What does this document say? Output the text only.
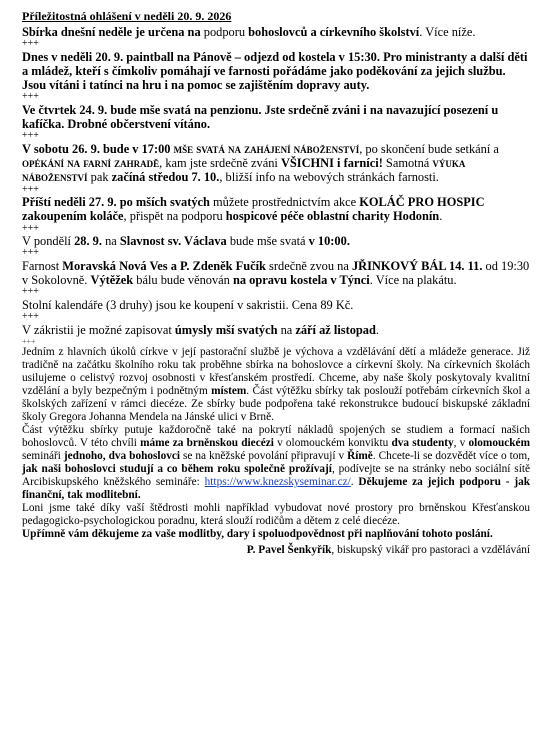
Příležitostná ohlášení v neděli 20. 9. 2026

Sbírka dnešní neděle je určena na podporu bohoslovců a církevního školství. Více níže.

+++

Dnes v neděli 20. 9. paintball na Pánově – odjezd od kostela v 15:30. Pro ministranty a další děti a mládež, kteří s čímkoliv pomáhají ve farnosti pořádáme jako poděkování za jejich službu. Jsou vítáni i tatínci na hru i na pomoc se zajištěním dopravy auty.

+++

Ve čtvrtek 24. 9. bude mše svatá na penzionu. Jste srdečně zváni i na navazující posezení u kafíčka. Drobné občerstvení vítáno.

+++

V sobotu 26. 9. bude v 17:00 mše svatá na zahájení náboženství, po skončení bude setkání a opékání na farní zahradě, kam jste srdečně zváni VŠICHNI i farníci! Samotná výuka náboženství pak začíná středou 7. 10., bližší info na webových stránkách farnosti.

+++

Příští neděli 27. 9. po mších svatých můžete prostřednictvím akce KOLÁČ PRO HOSPIC zakoupením koláče, přispět na podporu hospicové péče oblastní charity Hodonín.

+++

V pondělí 28. 9. na Slavnost sv. Václava bude mše svatá v 10:00.

+++

Farnost Moravská Nová Ves a P. Zdeněk Fučík srdečně zvou na JŘINKOVÝ BÁL 14. 11. od 19:30 v Sokolovně. Výtěžek bálu bude věnován na opravu kostela v Týnci. Více na plakátu.

+++

Stolní kalendáře (3 druhy) jsou ke koupení v sakristii. Cena 89 Kč.

+++

V zákristii je možné zapisovat úmysly mší svatých na září až listopad.

+++

Jedním z hlavních úkolů církve v její pastorační službě je výchova a vzdělávání dětí a mládeže generace. Již tradičně na začátku školního roku tak proběhne sbírka na bohoslovce a církevní školy. Na církevních školách usilujeme o celistvý rozvoj osobnosti v křesťanském prostředí. Chceme, aby naše školy poskytovaly kvalitní vzdělání a byly bezpečným i podnětným místem. Část výtěžku sbírky tak poslouží potřebám církevních škol a školských zařízení v rámci diecéze. Ze sbírky bude podpořena také rekonstrukce budoucí biskupské základní školy Gregora Johanna Mendela na Jánské ulici v Brně.

Část výtěžku sbírky putuje každoročně také na pokrytí nákladů spojených se studiem a formací našich bohoslovců. V této chvíli máme za brněnskou diecézi v olomouckém konviktu dva studenty, v olomouckém semináři jednoho, dva bohoslovci se na kněžské povolání připravují v Římě. Chcete-li se dozvědět více o tom, jak naši bohoslovci studují a co během roku společně prožívají, podívejte se na stránky nebo sociální sítě Arcibiskupského kněžského semináře: https://www.knezskyseminar.cz/. Děkujeme za jejich podporu - jak finanční, tak modlitební.

Loni jsme také díky vaší štědrosti mohli například vybudovat nové prostory pro brněnskou Křesťanskou pedagogicko-psychologickou poradnu, která slouží rodičům a dětem z celé diecéze.

Upřímně vám děkujeme za vaše modlitby, dary i spoluodpovědnost při naplňování tohoto poslání.

P. Pavel Šenkyřík, biskupský vikář pro pastoraci a vzdělávání
